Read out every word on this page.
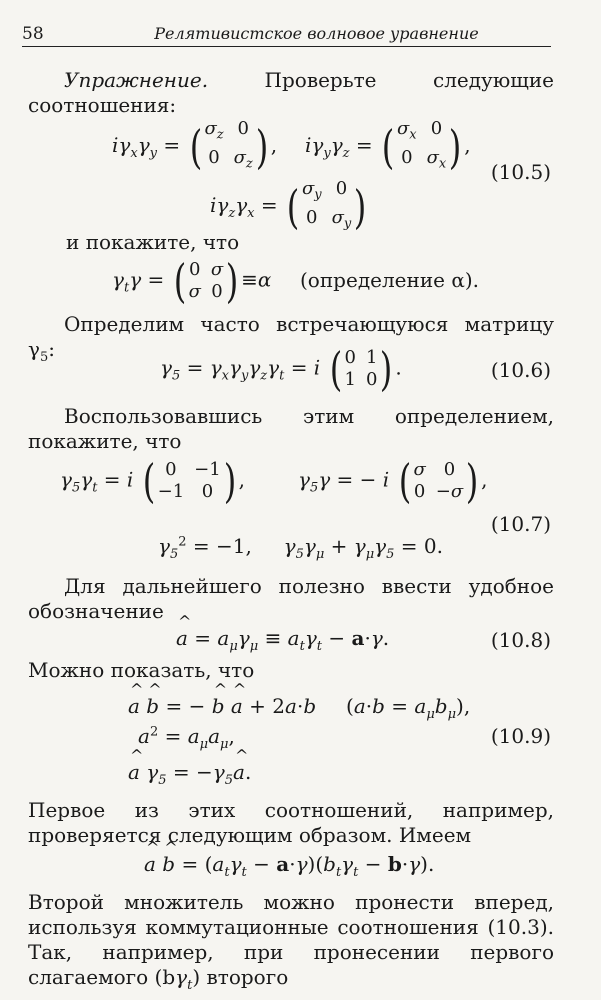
58	Релятивистское волновое уравнение
Упражнение. Проверьте следующие соотношения:
$i\gamma_x\gamma_y$ = ( $\sigma_z$ 0
0 $\sigma_z$ ) , $i\gamma_y\gamma_z$ = ( $\sigma_x$ 0
0 $\sigma_x$ ) ,
(10.5)
$i\gamma_z\gamma_x$ = ( $\sigma_y$ 0
0 $\sigma_y$ )
и покажите, что
$\gamma_t\gamma$ = ( 0 σ
σ 0 ) ≡α (определение α).
Определим часто встречающуюся матрицу $\gamma_5$:
$\gamma_5 = \gamma_x\gamma_y\gamma_z\gamma_t = i$ ( 0 1
1 0 ) .	(10.6)
Воспользовавшись этим определением, покажите, что
$\gamma_5\gamma_t = i$ ( 0 −1
−1 0 ) ,	$\gamma_5\gamma$ = − i ( σ 0
0 −σ ) ,
(10.7)
$\gamma_5^2 = -1$,     $\gamma_5\gamma_\mu + \gamma_\mu\gamma_5 = 0$.
Для дальнейшего полезно ввести удобное обозначение
^ $a = a_\mu\gamma_\mu \equiv a_t\gamma_t - a\cdot\gamma$.	(10.8)
Можно показать, что
^ a ^ b = − ^ b ^ a + 2a·b $(a\cdot b = a_\mu b_\mu)$,
$a^2 = a_\mu a_\mu$,	(10.9)
^ a $\gamma_5$ = $-\gamma_5\^{}$ a.
Первое из этих соотношений, например, проверяется следующим образом. Имеем
^ a ^ $b = (a_t\gamma_t - a\cdot\gamma)(b_t\gamma_t - b\cdot\gamma)$.
Второй множитель можно пронести вперед, используя коммутационные соотношения (10.3). Так, например, при пронесении первого слагаемого $(b\gamma_t)$ второго
